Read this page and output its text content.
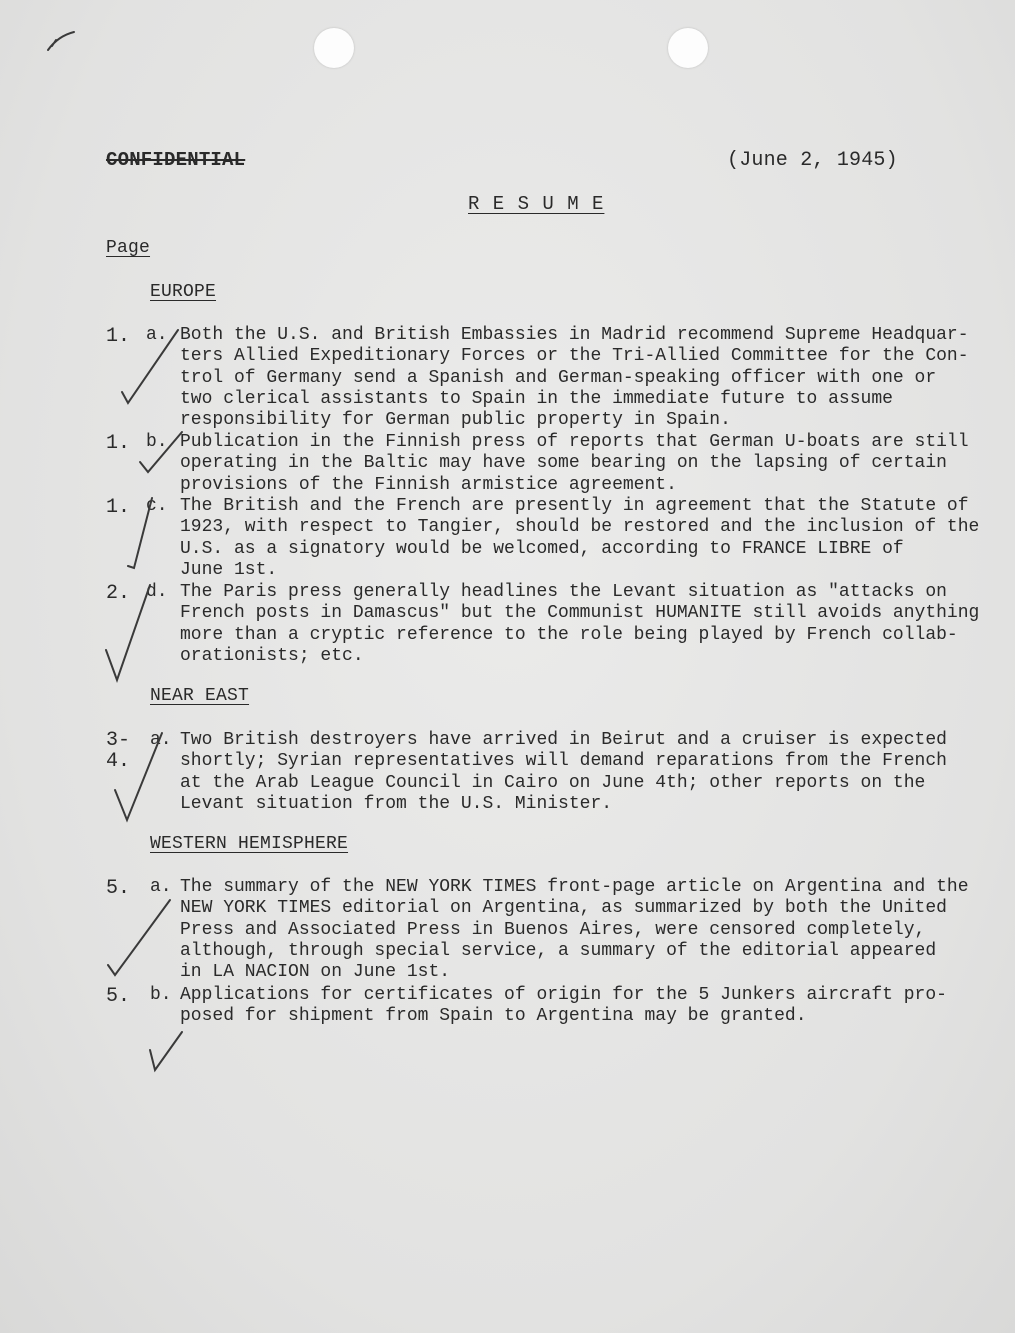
CONFIDENTIAL	(June 2, 1945)
R E S U M E
Page
EUROPE
1. a. Both the U.S. and British Embassies in Madrid recommend Supreme Headquar-
ters Allied Expeditionary Forces or the Tri-Allied Committee for the Con-
trol of Germany send a Spanish and German-speaking officer with one or
two clerical assistants to Spain in the immediate future to assume
responsibility for German public property in Spain.
1. b. Publication in the Finnish press of reports that German U-boats are still
operating in the Baltic may have some bearing on the lapsing of certain
provisions of the Finnish armistice agreement.
1. c. The British and the French are presently in agreement that the Statute of
1923, with respect to Tangier, should be restored and the inclusion of the
U.S. as a signatory would be welcomed, according to FRANCE LIBRE of
June 1st.
2. d. The Paris press generally headlines the Levant situation as "attacks on
French posts in Damascus" but the Communist HUMANITE still avoids anything
more than a cryptic reference to the role being played by French collab-
orationists; etc.
NEAR EAST
3-
4.
a. Two British destroyers have arrived in Beirut and a cruiser is expected
shortly; Syrian representatives will demand reparations from the French
at the Arab League Council in Cairo on June 4th; other reports on the
Levant situation from the U.S. Minister.
WESTERN HEMISPHERE
5. a. The summary of the NEW YORK TIMES front-page article on Argentina and the
NEW YORK TIMES editorial on Argentina, as summarized by both the United
Press and Associated Press in Buenos Aires, were censored completely,
although, through special service, a summary of the editorial appeared
in LA NACION on June 1st.
5. b. Applications for certificates of origin for the 5 Junkers aircraft pro-
posed for shipment from Spain to Argentina may be granted.
